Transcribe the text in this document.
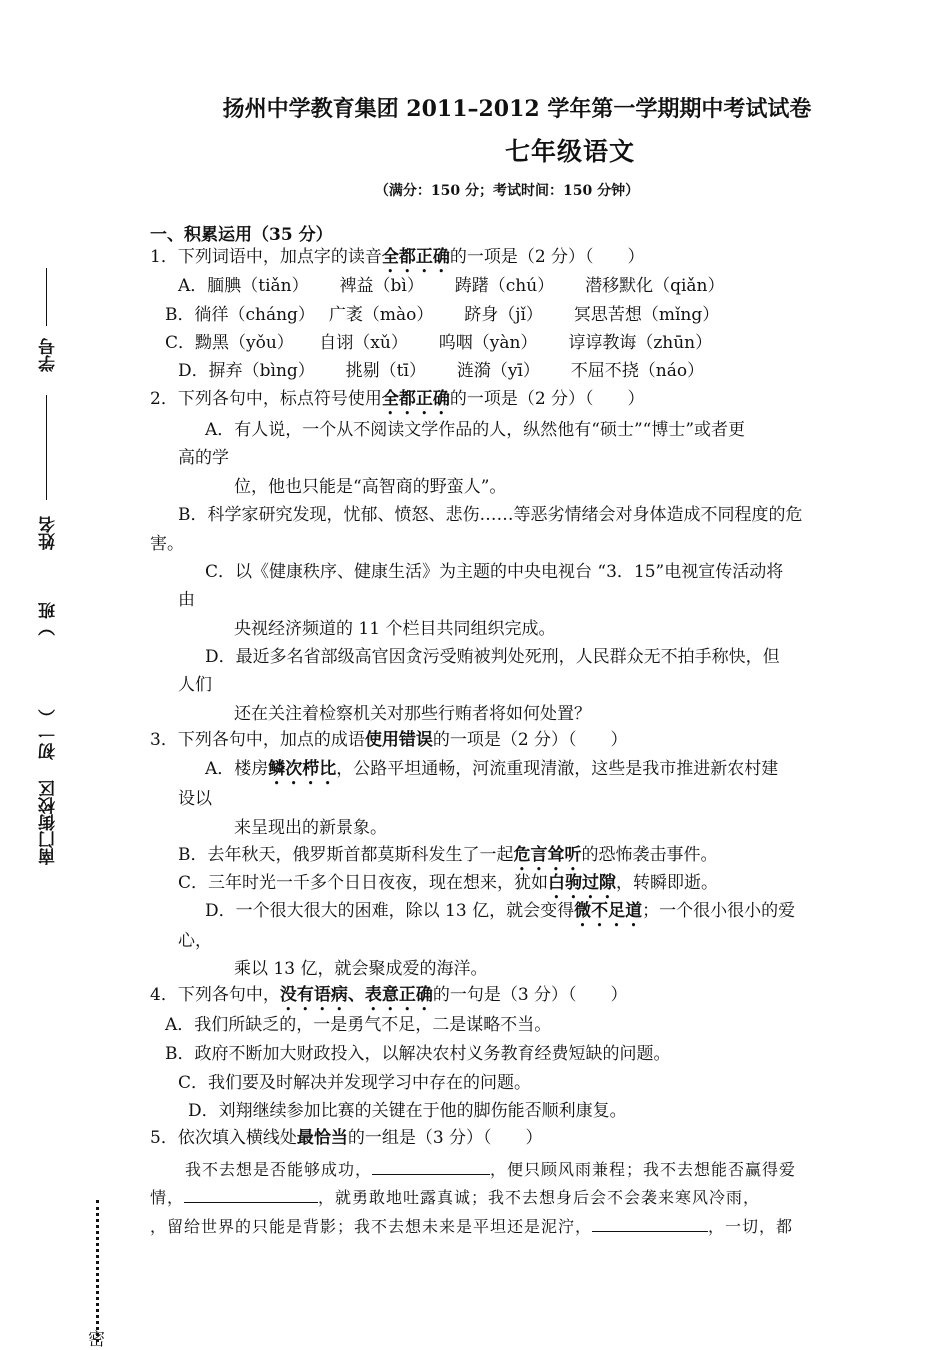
南门街校区
初一（
）班
姓名
学号
密
扬州中学教育集团 2011–2012 学年第一学期期中考试试卷
七年级语文
（满分：150 分；考试时间：150 分钟）
一、积累运用（35 分）
1．下列词语中，加点字的读音全都正确的一项是（2 分）（　　）
A．腼腆（tiǎn）　　 裨益（bì）　　 踌躇（chú）　　 潜移默化（qiǎn）
B．徜徉（cháng）　 广袤（mào）　　 跻身（jǐ）　　 冥思苦想（mǐng）
C．黝黑（yǒu）　　自诩（xǔ）　　 呜咽（yàn）　　 谆谆教诲（zhūn）
D．摒弃（bìng）　　 挑剔（tī）　　 涟漪（yī）　　 不屈不挠（náo）
2．下列各句中，标点符号使用全都正确的一项是（2 分）（　　）
A．有人说，一个从不阅读文学作品的人，纵然他有“硕士”“博士”或者更
高的学
位，他也只能是“高智商的野蛮人”。
B．科学家研究发现，忧郁、愤怒、悲伤……等恶劣情绪会对身体造成不同程度的危
害。
C．以《健康秩序、健康生活》为主题的中央电视台 “3．15”电视宣传活动将
由
央视经济频道的 11 个栏目共同组织完成。
D．最近多名省部级高官因贪污受贿被判处死刑，人民群众无不拍手称快，但
人们
还在关注着检察机关对那些行贿者将如何处置？
3．下列各句中，加点的成语使用错误的一项是（2 分）（　　）
A．楼房鳞次栉比，公路平坦通畅，河流重现清澈，这些是我市推进新农村建
设以
来呈现出的新景象。
B．去年秋天，俄罗斯首都莫斯科发生了一起危言耸听的恐怖袭击事件。
C．三年时光一千多个日日夜夜，现在想来，犹如白驹过隙，转瞬即逝。
D．一个很大很大的困难，除以 13 亿，就会变得微不足道；一个很小很小的爱
心，
乘以 13 亿，就会聚成爱的海洋。
4．下列各句中，没有语病、表意正确的一句是（3 分）（　　）
A．我们所缺乏的，一是勇气不足，二是谋略不当。
B．政府不断加大财政投入，以解决农村义务教育经费短缺的问题。
C．我们要及时解决并发现学习中存在的问题。
D．刘翔继续参加比赛的关键在于他的脚伤能否顺利康复。
5．依次填入横线处最恰当的一组是（3 分）（　　）
我不去想是否能够成功，	，便只顾风雨兼程；我不去想能否赢得爱
情，	，就勇敢地吐露真诚；我不去想身后会不会袭来寒风冷雨，
，留给世界的只能是背影；我不去想未来是平坦还是泥泞，	，一切，都
